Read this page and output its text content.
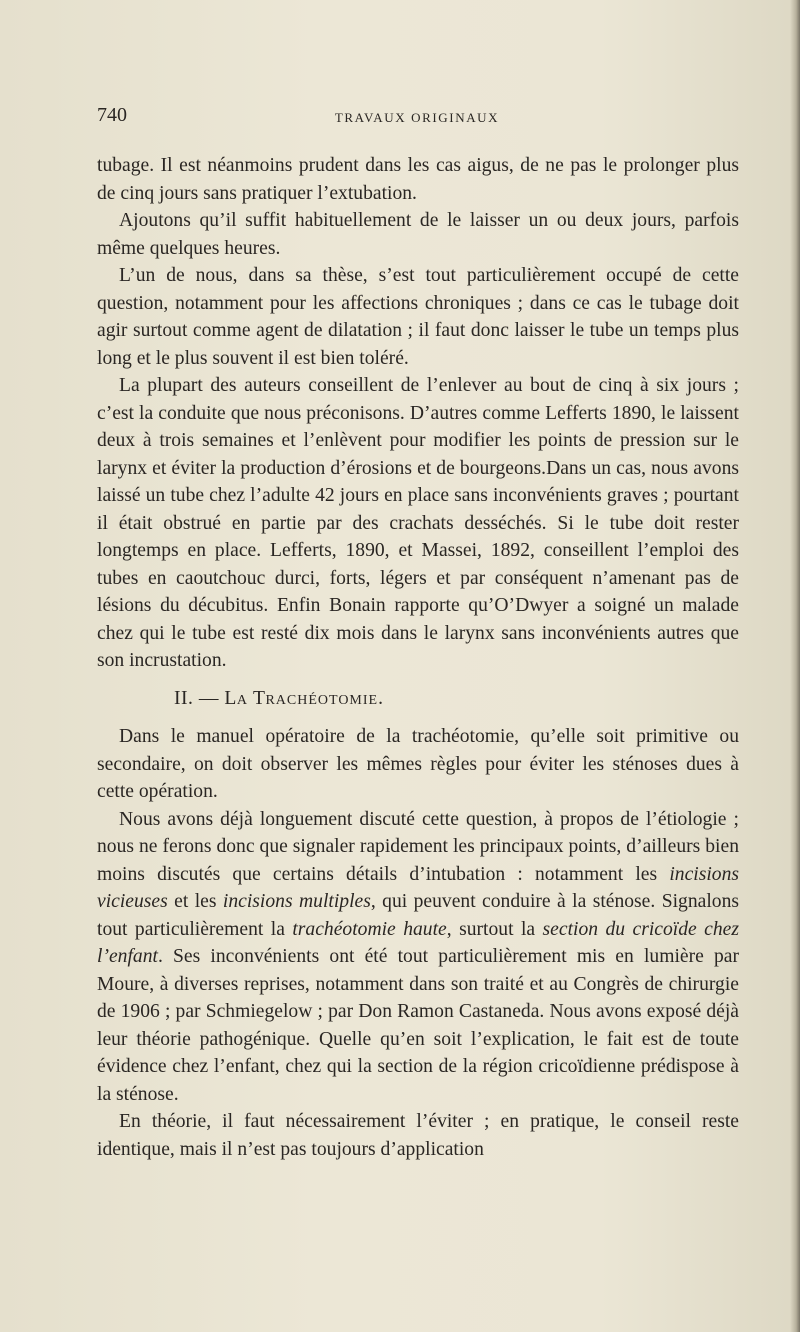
740	TRAVAUX ORIGINAUX

tubage. Il est néanmoins prudent dans les cas aigus, de ne pas le prolonger plus de cinq jours sans pratiquer l’extubation.

Ajoutons qu’il suffit habituellement de le laisser un ou deux jours, parfois même quelques heures.

L’un de nous, dans sa thèse, s’est tout particulièrement occupé de cette question, notamment pour les affections chroniques ; dans ce cas le tubage doit agir surtout comme agent de dilatation ; il faut donc laisser le tube un temps plus long et le plus souvent il est bien toléré.

La plupart des auteurs conseillent de l’enlever au bout de cinq à six jours ; c’est la conduite que nous préconisons. D’autres comme Lefferts 1890, le laissent deux à trois semaines et l’enlèvent pour modifier les points de pression sur le larynx et éviter la production d’érosions et de bourgeons.Dans un cas, nous avons laissé un tube chez l’adulte 42 jours en place sans inconvénients graves ; pourtant il était obstrué en partie par des crachats desséchés. Si le tube doit rester longtemps en place. Lefferts, 1890, et Massei, 1892, conseillent l’emploi des tubes en caoutchouc durci, forts, légers et par conséquent n’amenant pas de lésions du décubitus. Enfin Bonain rapporte qu’O’Dwyer a soigné un malade chez qui le tube est resté dix mois dans le larynx sans inconvénients autres que son incrustation.

II. — LA TRACHÉOTOMIE.

Dans le manuel opératoire de la trachéotomie, qu’elle soit primitive ou secondaire, on doit observer les mêmes règles pour éviter les sténoses dues à cette opération.

Nous avons déjà longuement discuté cette question, à propos de l’étiologie ; nous ne ferons donc que signaler rapidement les principaux points, d’ailleurs bien moins discutés que certains détails d’intubation : notamment les incisions vicieuses et les incisions multiples, qui peuvent conduire à la sténose. Signalons tout particulièrement la trachéotomie haute, surtout la section du cricoïde chez l’enfant. Ses inconvénients ont été tout particulièrement mis en lumière par Moure, à diverses reprises, notamment dans son traité et au Congrès de chirurgie de 1906 ; par Schmiegelow ; par Don Ramon Castaneda. Nous avons exposé déjà leur théorie pathogénique. Quelle qu’en soit l’explication, le fait est de toute évidence chez l’enfant, chez qui la section de la région cricoïdienne prédispose à la sténose.

En théorie, il faut nécessairement l’éviter ; en pratique, le conseil reste identique, mais il n’est pas toujours d’application
